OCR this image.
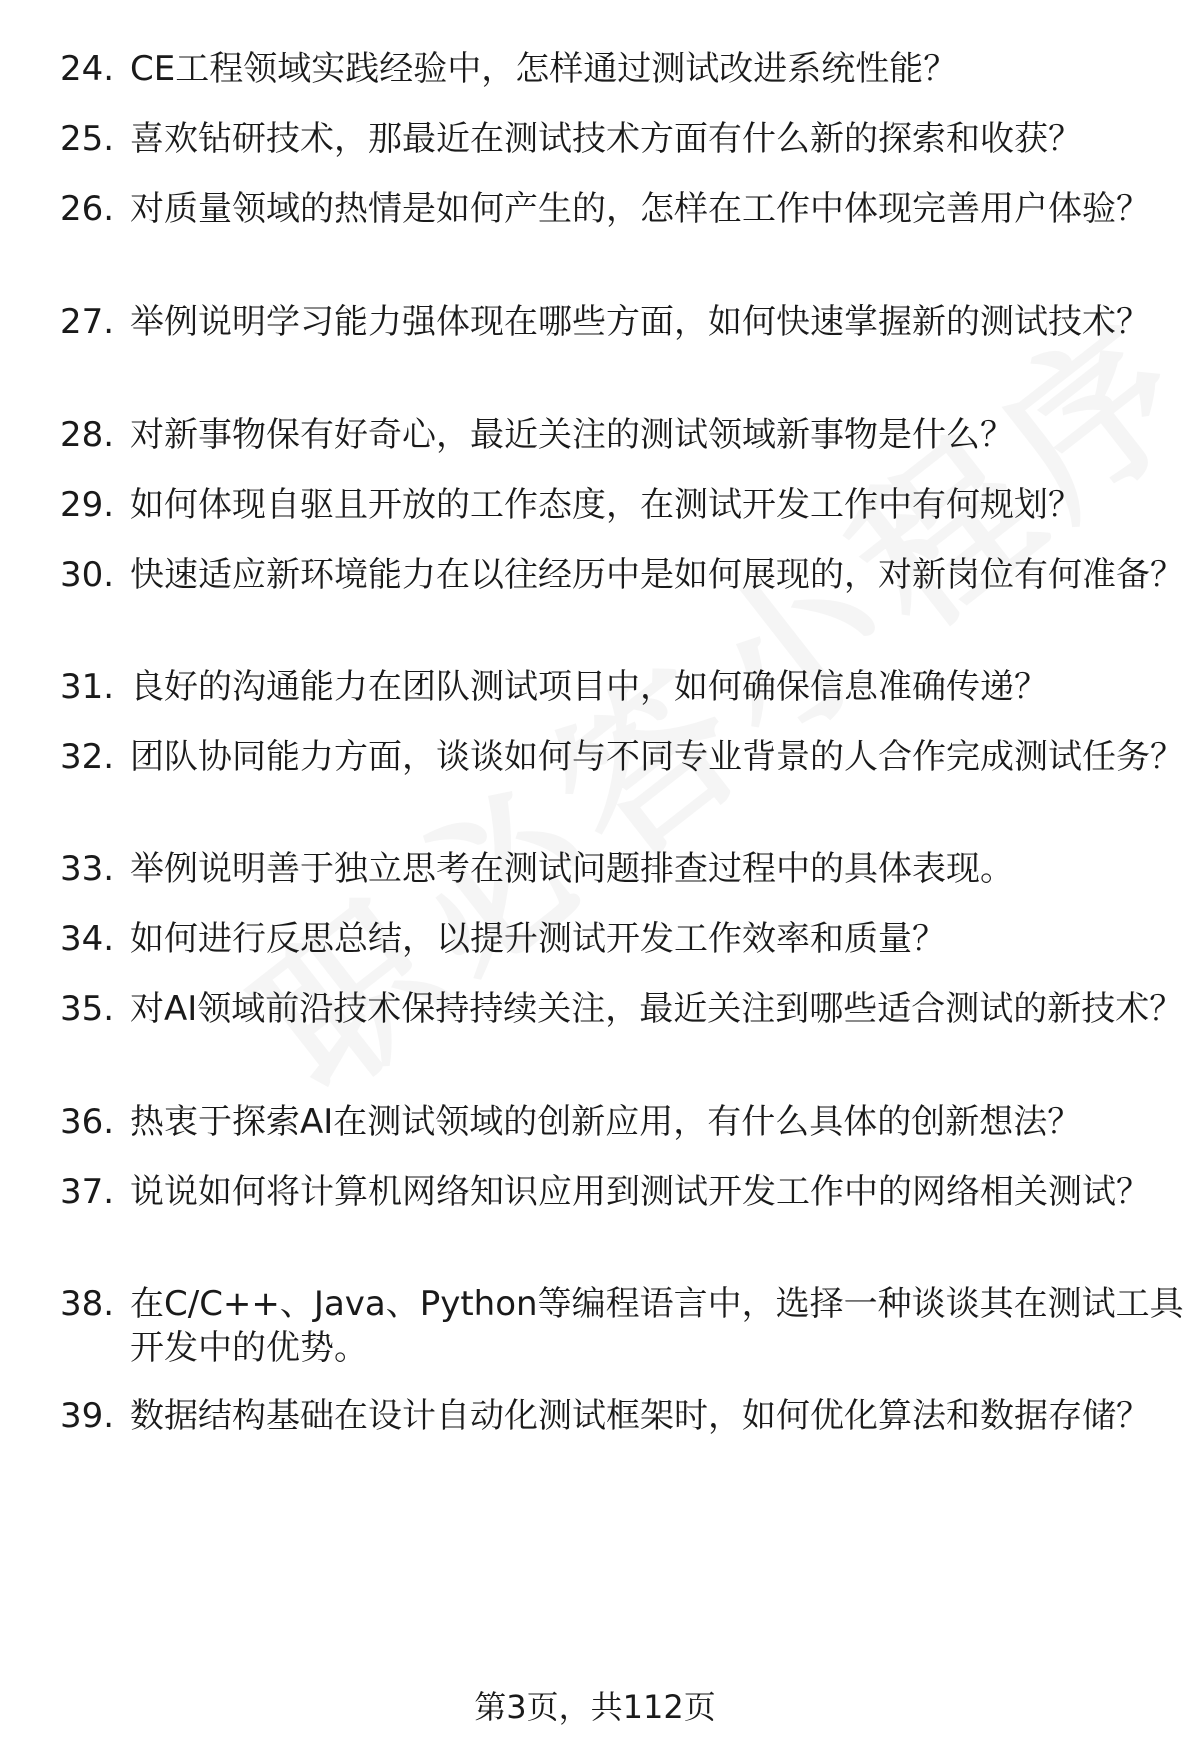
24. CE工程领域实践经验中，怎样通过测试改进系统性能？
25. 喜欢钻研技术，那最近在测试技术方面有什么新的探索和收获？
26. 对质量领域的热情是如何产生的，怎样在工作中体现完善用户体验？
27. 举例说明学习能力强体现在哪些方面，如何快速掌握新的测试技术？
28. 对新事物保有好奇心，最近关注的测试领域新事物是什么？
29. 如何体现自驱且开放的工作态度，在测试开发工作中有何规划？
30. 快速适应新环境能力在以往经历中是如何展现的，对新岗位有何准备？
31. 良好的沟通能力在团队测试项目中，如何确保信息准确传递？
32. 团队协同能力方面，谈谈如何与不同专业背景的人合作完成测试任务？
33. 举例说明善于独立思考在测试问题排查过程中的具体表现。
34. 如何进行反思总结，以提升测试开发工作效率和质量？
35. 对AI领域前沿技术保持持续关注，最近关注到哪些适合测试的新技术？
36. 热衷于探索AI在测试领域的创新应用，有什么具体的创新想法？
37. 说说如何将计算机网络知识应用到测试开发工作中的网络相关测试？
38. 在C/C++、Java、Python等编程语言中，选择一种谈谈其在测试工具开发中的优势。
39. 数据结构基础在设计自动化测试框架时，如何优化算法和数据存储？
第3页，共112页
